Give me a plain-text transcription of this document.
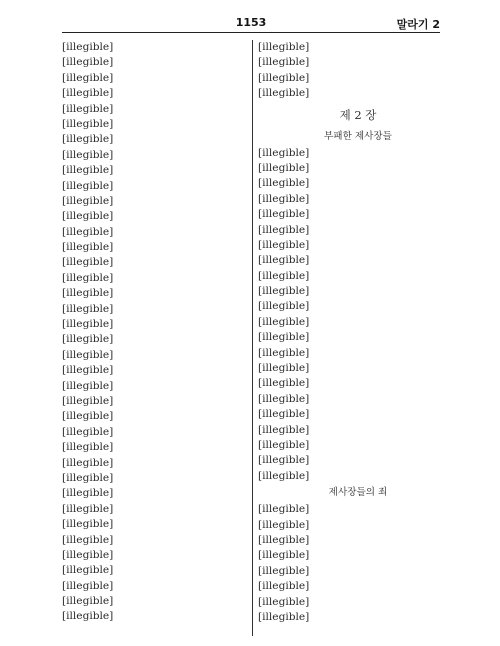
1153	말라기 2
[illegible]
[illegible]
[illegible]
[illegible]
[illegible]
[illegible]
[illegible]
[illegible]
[illegible]
[illegible]
[illegible]
[illegible]
[illegible]
[illegible]
[illegible]
[illegible]
[illegible]
[illegible]
[illegible]
[illegible]
[illegible]
[illegible]
[illegible]
[illegible]
[illegible]
[illegible]
[illegible]
[illegible]
[illegible]
[illegible]
[illegible]
[illegible]
[illegible]
[illegible]
[illegible]
[illegible]
[illegible]
[illegible]
[illegible]
[illegible]
[illegible]
[illegible]
제 2 장
부패한 제사장들
[illegible]
[illegible]
[illegible]
[illegible]
[illegible]
[illegible]
[illegible]
[illegible]
[illegible]
[illegible]
[illegible]
[illegible]
[illegible]
[illegible]
[illegible]
[illegible]
[illegible]
[illegible]
[illegible]
[illegible]
[illegible]
[illegible]
제사장들의 죄
[illegible]
[illegible]
[illegible]
[illegible]
[illegible]
[illegible]
[illegible]
[illegible]
